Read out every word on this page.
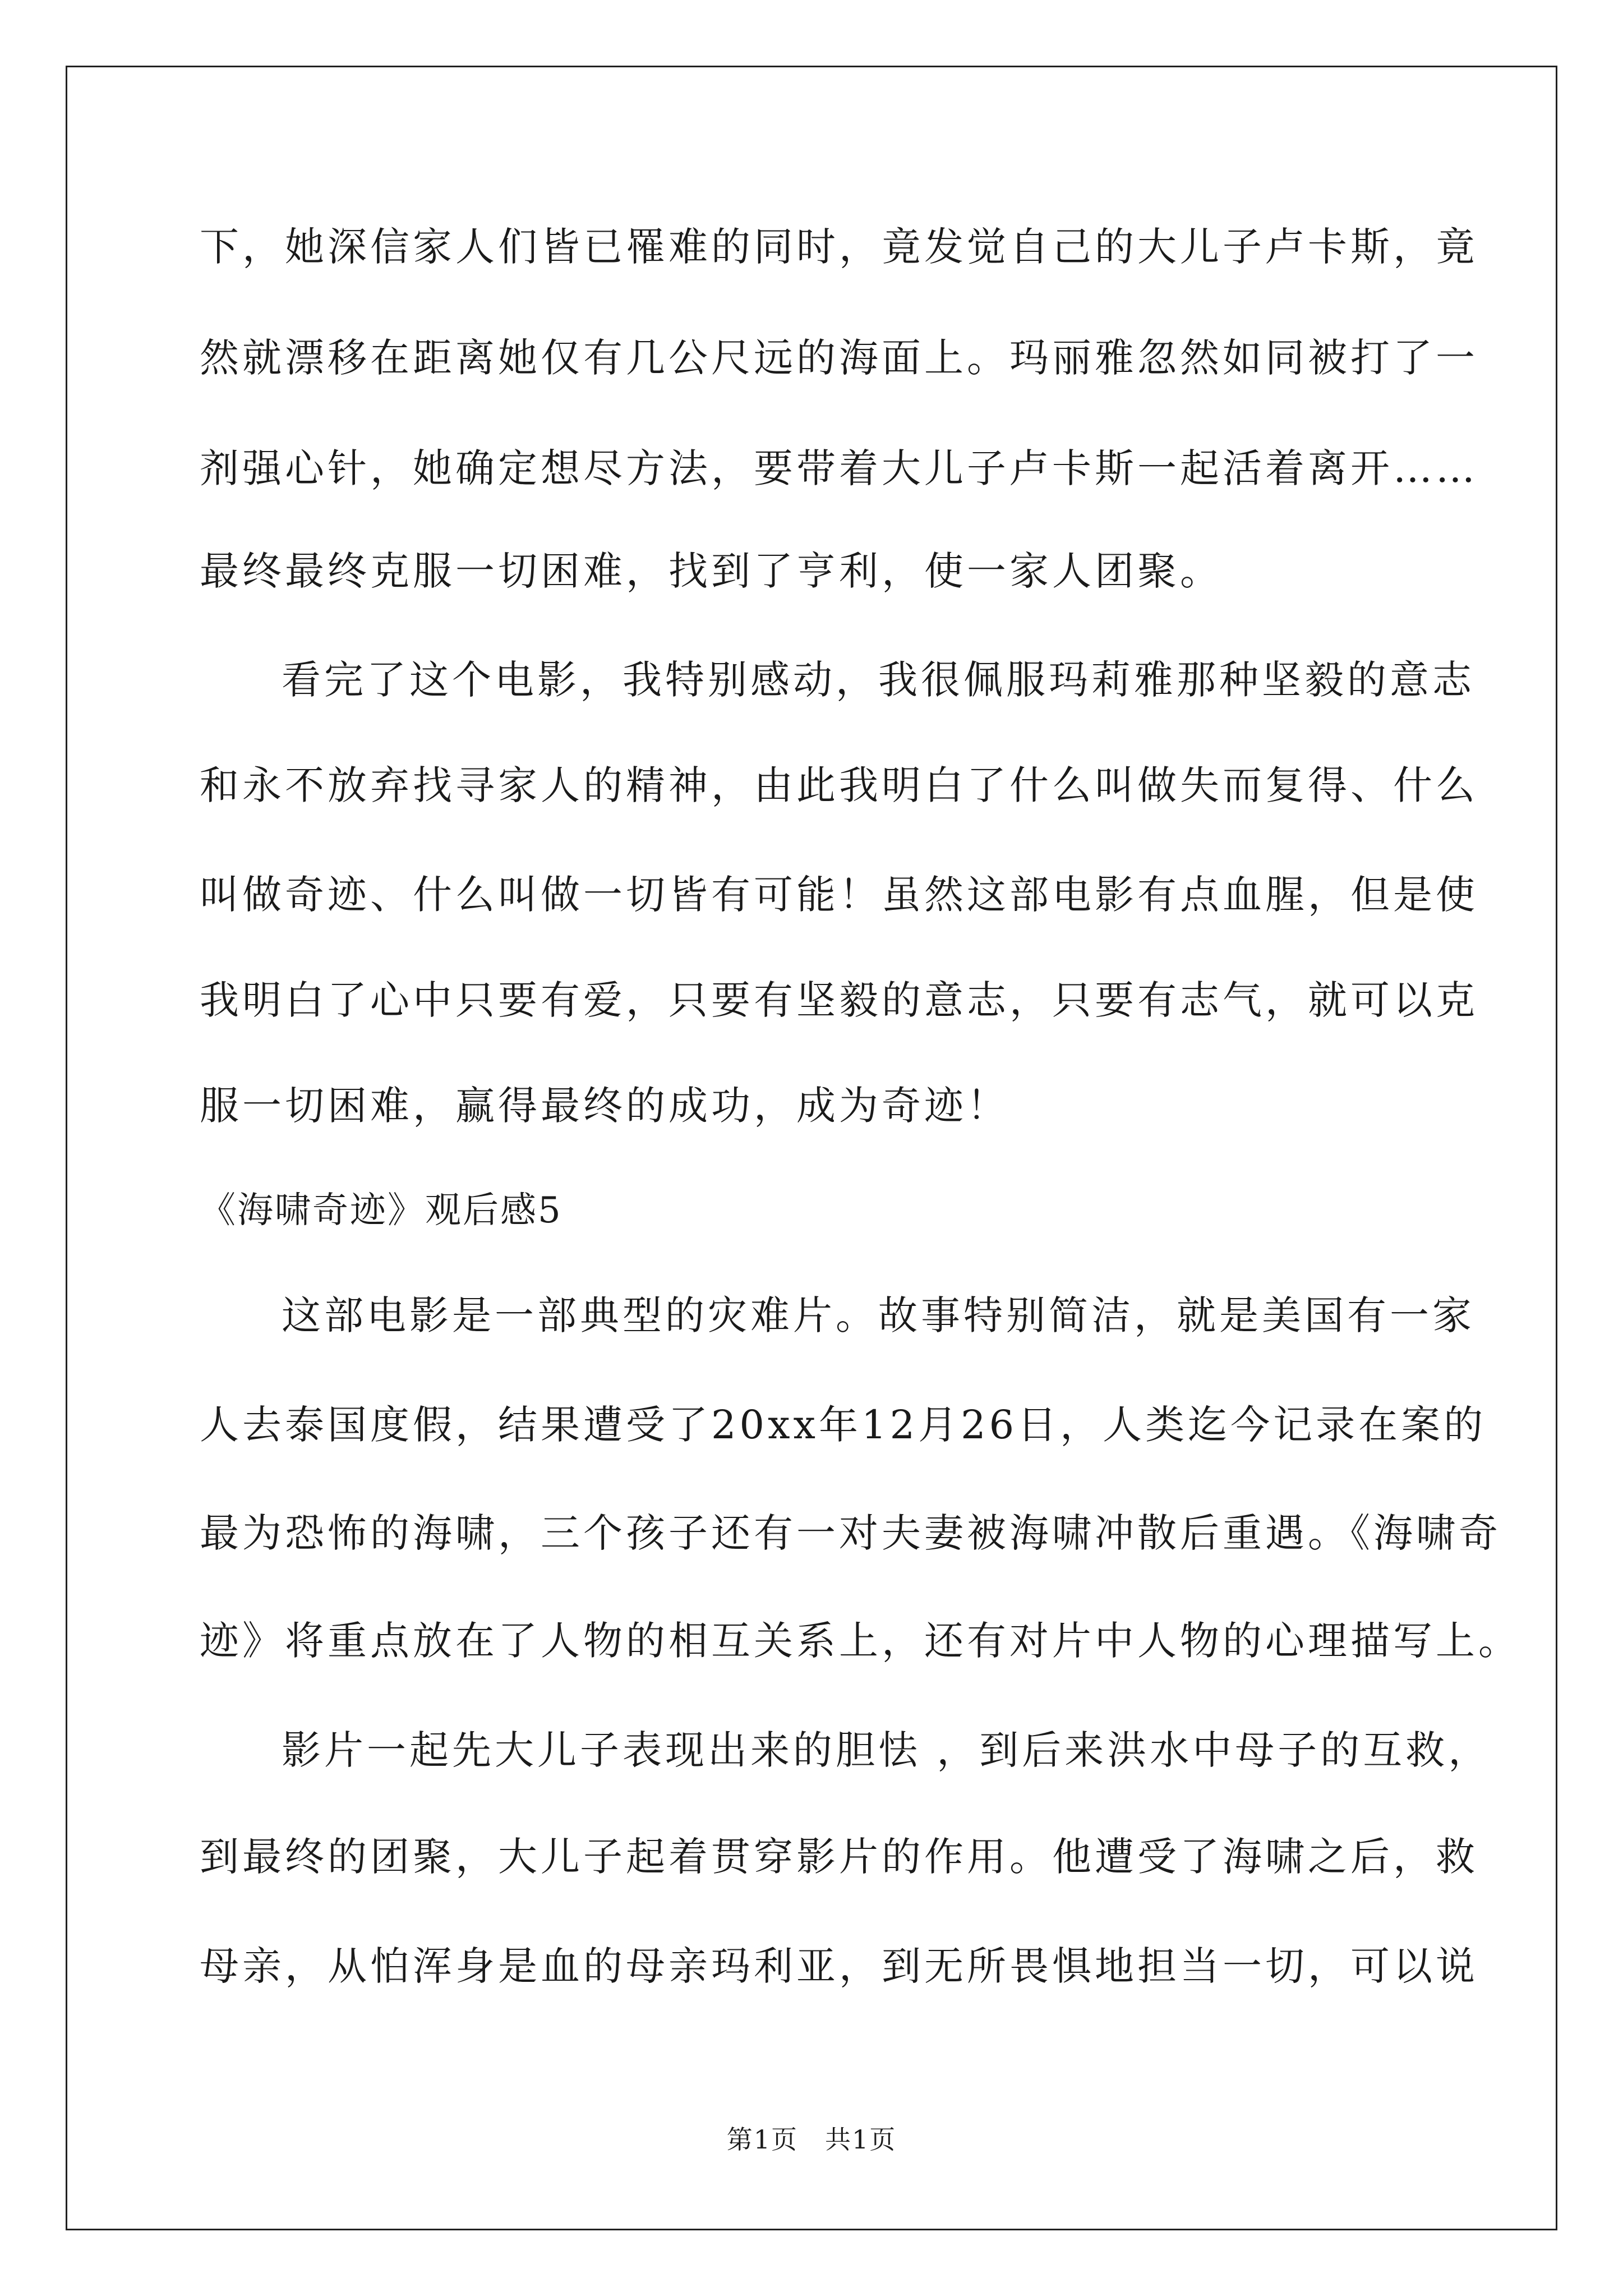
下，她深信家人们皆已罹难的同时，竟发觉自己的大儿子卢卡斯，竟
然就漂移在距离她仅有几公尺远的海面上。玛丽雅忽然如同被打了一
剂强心针，她确定想尽方法，要带着大儿子卢卡斯一起活着离开……
最终最终克服一切困难，找到了亨利，使一家人团聚。
看完了这个电影，我特别感动，我很佩服玛莉雅那种坚毅的意志
和永不放弃找寻家人的精神，由此我明白了什么叫做失而复得、什么
叫做奇迹、什么叫做一切皆有可能！虽然这部电影有点血腥，但是使
我明白了心中只要有爱，只要有坚毅的意志，只要有志气，就可以克
服一切困难，赢得最终的成功，成为奇迹！
《海啸奇迹》观后感5
这部电影是一部典型的灾难片。故事特别简洁，就是美国有一家
人去泰国度假，结果遭受了20xx年12月26日，人类迄今记录在案的
最为恐怖的海啸，三个孩子还有一对夫妻被海啸冲散后重遇。《海啸奇
迹》将重点放在了人物的相互关系上，还有对片中人物的心理描写上。
影片一起先大儿子表现出来的胆怯 ，到后来洪水中母子的互救，
到最终的团聚，大儿子起着贯穿影片的作用。他遭受了海啸之后，救
母亲，从怕浑身是血的母亲玛利亚，到无所畏惧地担当一切，可以说
第1页　共1页
